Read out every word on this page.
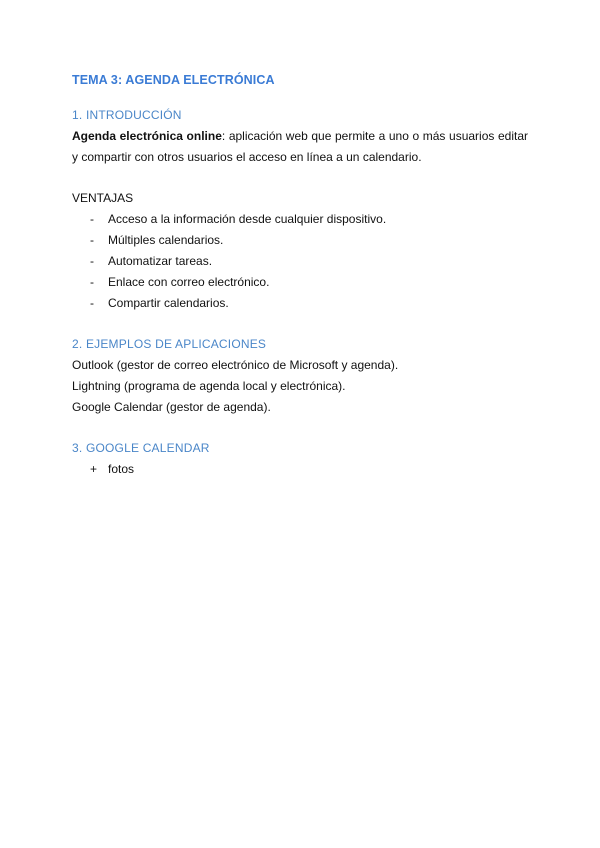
TEMA 3: AGENDA ELECTRÓNICA
1. INTRODUCCIÓN

Agenda electrónica online: aplicación web que permite a uno o más usuarios editar y compartir con otros usuarios el acceso en línea a un calendario.

VENTAJAS
- Acceso a la información desde cualquier dispositivo.
- Múltiples calendarios.
- Automatizar tareas.
- Enlace con correo electrónico.
- Compartir calendarios.
2. EJEMPLOS DE APLICACIONES
Outlook (gestor de correo electrónico de Microsoft y agenda).
Lightning (programa de agenda local y electrónica).
Google Calendar (gestor de agenda).
3. GOOGLE CALENDAR
+ fotos
